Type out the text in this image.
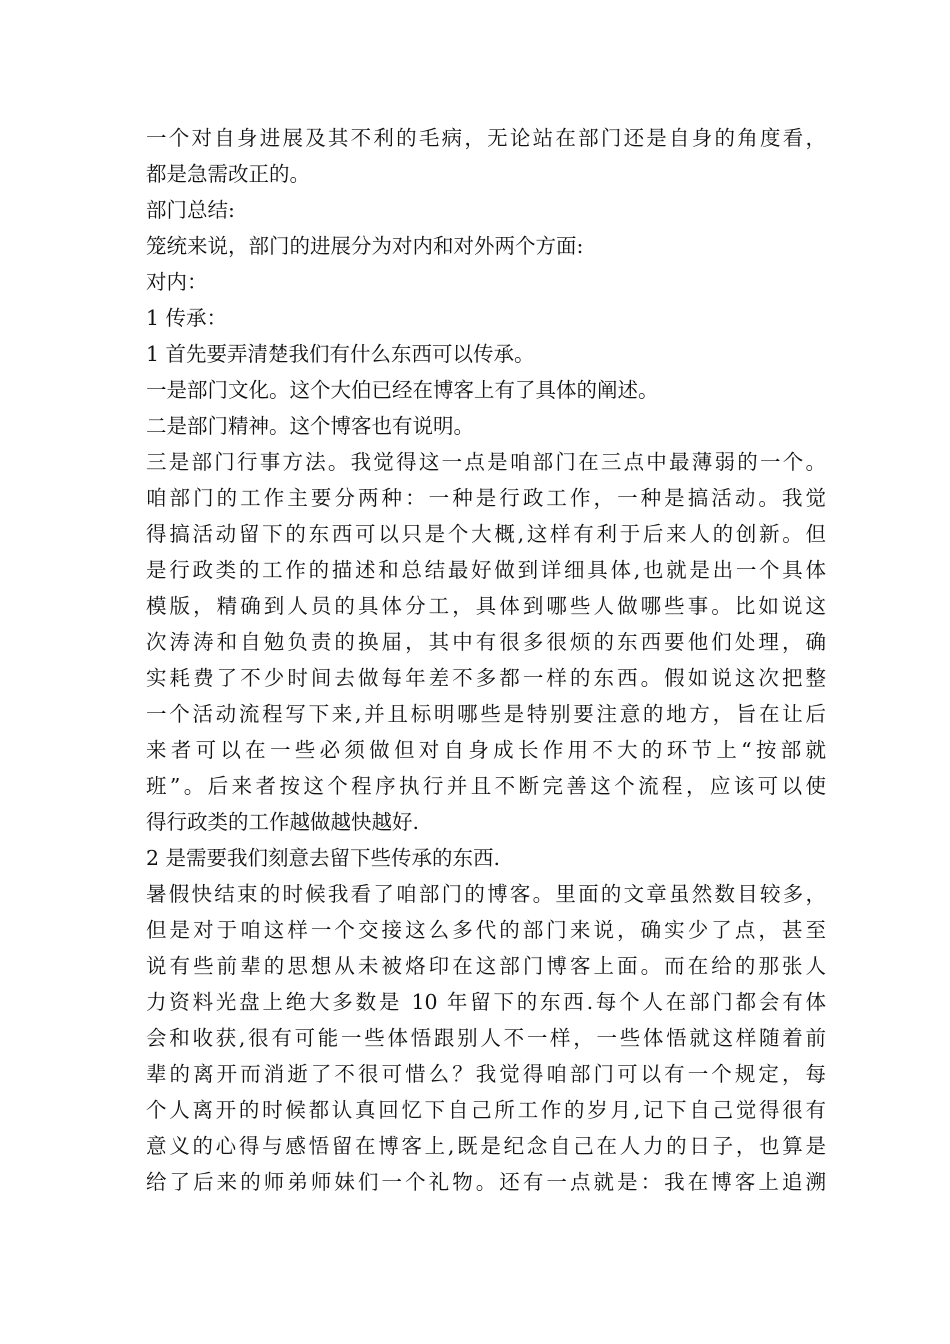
一个对自身进展及其不利的毛病，无论站在部门还是自身的角度看，
都是急需改正的。
部门总结:
笼统来说，部门的进展分为对内和对外两个方面:
对内：
1 传承：
1 首先要弄清楚我们有什么东西可以传承。
一是部门文化。这个大伯已经在博客上有了具体的阐述。
二是部门精神。这个博客也有说明。
三是部门行事方法。我觉得这一点是咱部门在三点中最薄弱的一个。
咱部门的工作主要分两种：一种是行政工作，一种是搞活动。我觉
得搞活动留下的东西可以只是个大概,这样有利于后来人的创新。但
是行政类的工作的描述和总结最好做到详细具体,也就是出一个具体
模版，精确到人员的具体分工，具体到哪些人做哪些事。比如说这
次涛涛和自勉负责的换届，其中有很多很烦的东西要他们处理，确
实耗费了不少时间去做每年差不多都一样的东西。假如说这次把整
一个活动流程写下来,并且标明哪些是特别要注意的地方，旨在让后
来者可以在一些必须做但对自身成长作用不大的环节上“按部就
班”。后来者按这个程序执行并且不断完善这个流程，应该可以使
得行政类的工作越做越快越好.
2 是需要我们刻意去留下些传承的东西.
暑假快结束的时候我看了咱部门的博客。里面的文章虽然数目较多，
但是对于咱这样一个交接这么多代的部门来说，确实少了点，甚至
说有些前辈的思想从未被烙印在这部门博客上面。而在给的那张人
力资料光盘上绝大多数是 10 年留下的东西.每个人在部门都会有体
会和收获,很有可能一些体悟跟别人不一样，一些体悟就这样随着前
辈的离开而消逝了不很可惜么？我觉得咱部门可以有一个规定，每
个人离开的时候都认真回忆下自己所工作的岁月,记下自己觉得很有
意义的心得与感悟留在博客上,既是纪念自己在人力的日子，也算是
给了后来的师弟师妹们一个礼物。还有一点就是：我在博客上追溯
